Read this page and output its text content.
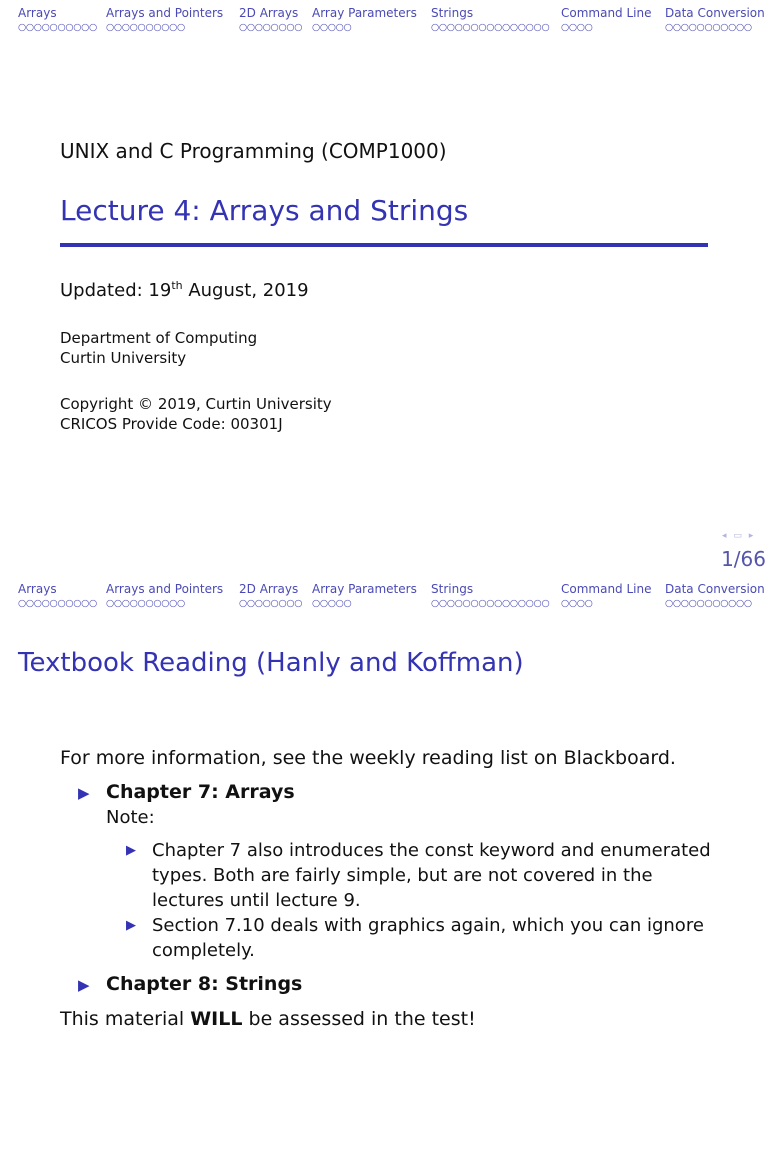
Arrays
○○○○○○○○○○
Arrays and Pointers
○○○○○○○○○○
2D Arrays
○○○○○○○○
Array Parameters
○○○○○
Strings
○○○○○○○○○○○○○○○
Command Line
○○○○
Data Conversion
○○○○○○○○○○○
UNIX and C Programming (COMP1000)
Lecture 4: Arrays and Strings
Updated: 19th August, 2019
Department of Computing
Curtin University
Copyright © 2019, Curtin University
CRICOS Provide Code: 00301J
◂ ▭ ▸
1/66
Arrays
○○○○○○○○○○
Arrays and Pointers
○○○○○○○○○○
2D Arrays
○○○○○○○○
Array Parameters
○○○○○
Strings
○○○○○○○○○○○○○○○
Command Line
○○○○
Data Conversion
○○○○○○○○○○○
Textbook Reading (Hanly and Koffman)
For more information, see the weekly reading list on Blackboard.
▶ Chapter 7: Arrays
Note:
▶ Chapter 7 also introduces the const keyword and enumerated
types. Both are fairly simple, but are not covered in the
lectures until lecture 9.
▶ Section 7.10 deals with graphics again, which you can ignore
completely.
▶ Chapter 8: Strings
This material WILL be assessed in the test!
